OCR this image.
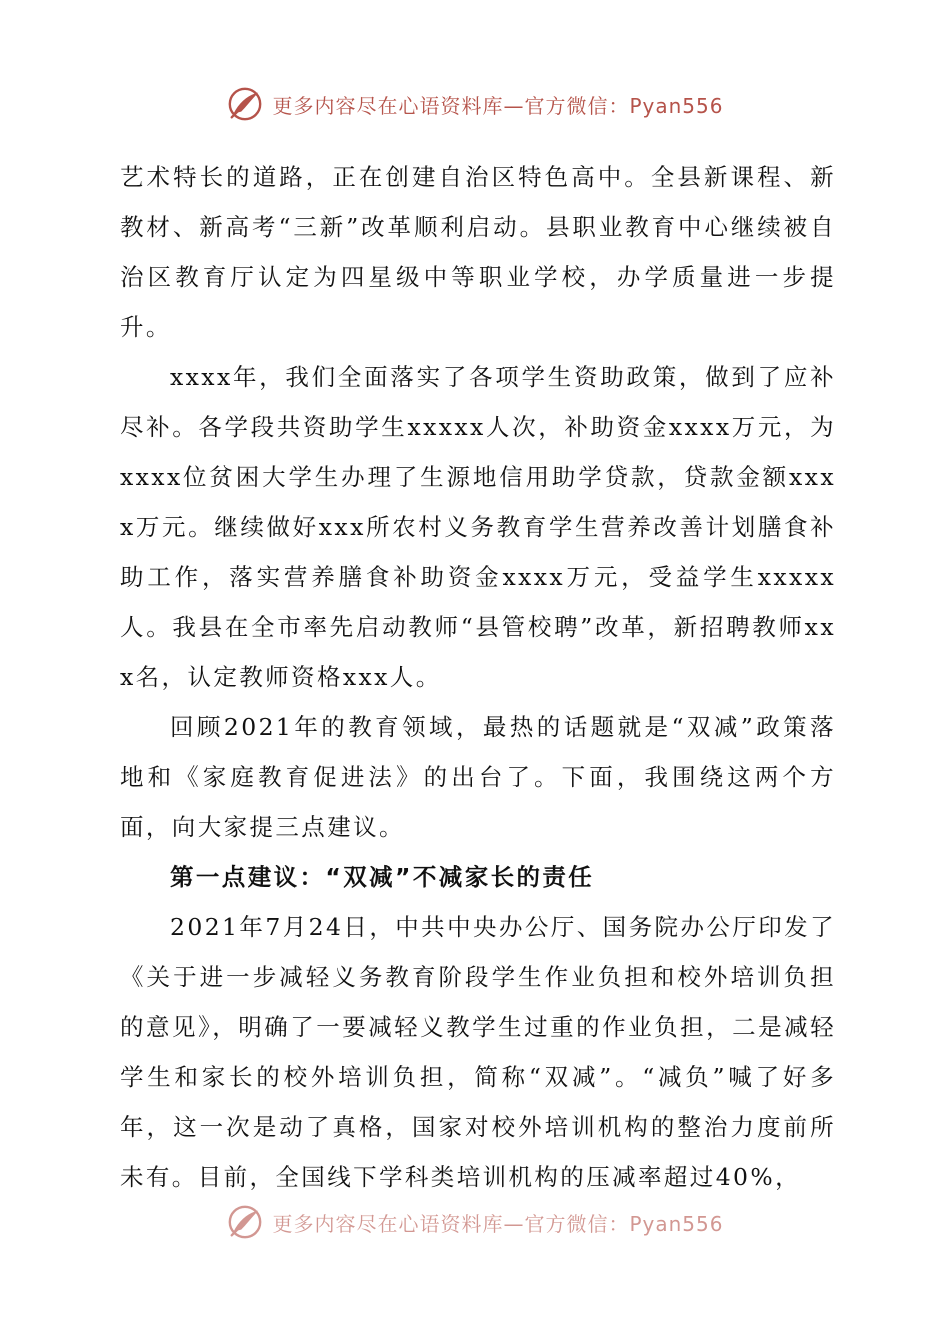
更多内容尽在心语资料库—官方微信：Pyan556

艺术特长的道路，正在创建自治区特色高中。全县新课程、新教材、新高考“三新”改革顺利启动。县职业教育中心继续被自治区教育厅认定为四星级中等职业学校，办学质量进一步提升。

xxxx年，我们全面落实了各项学生资助政策，做到了应补尽补。各学段共资助学生xxxxx人次，补助资金xxxx万元，为xxxx位贫困大学生办理了生源地信用助学贷款，贷款金额xxxx万元。继续做好xxx所农村义务教育学生营养改善计划膳食补助工作，落实营养膳食补助资金xxxx万元，受益学生xxxxx人。我县在全市率先启动教师“县管校聘”改革，新招聘教师xxx名，认定教师资格xxx人。

回顾2021年的教育领域，最热的话题就是“双减”政策落地和《家庭教育促进法》的出台了。下面，我围绕这两个方面，向大家提三点建议。

第一点建议：“双减”不减家长的责任

2021年7月24日，中共中央办公厅、国务院办公厅印发了《关于进一步减轻义务教育阶段学生作业负担和校外培训负担的意见》，明确了一要减轻义教学生过重的作业负担，二是减轻学生和家长的校外培训负担，简称“双减”。“减负”喊了好多年，这一次是动了真格，国家对校外培训机构的整治力度前所未有。目前，全国线下学科类培训机构的压减率超过40%，

更多内容尽在心语资料库—官方微信：Pyan556
